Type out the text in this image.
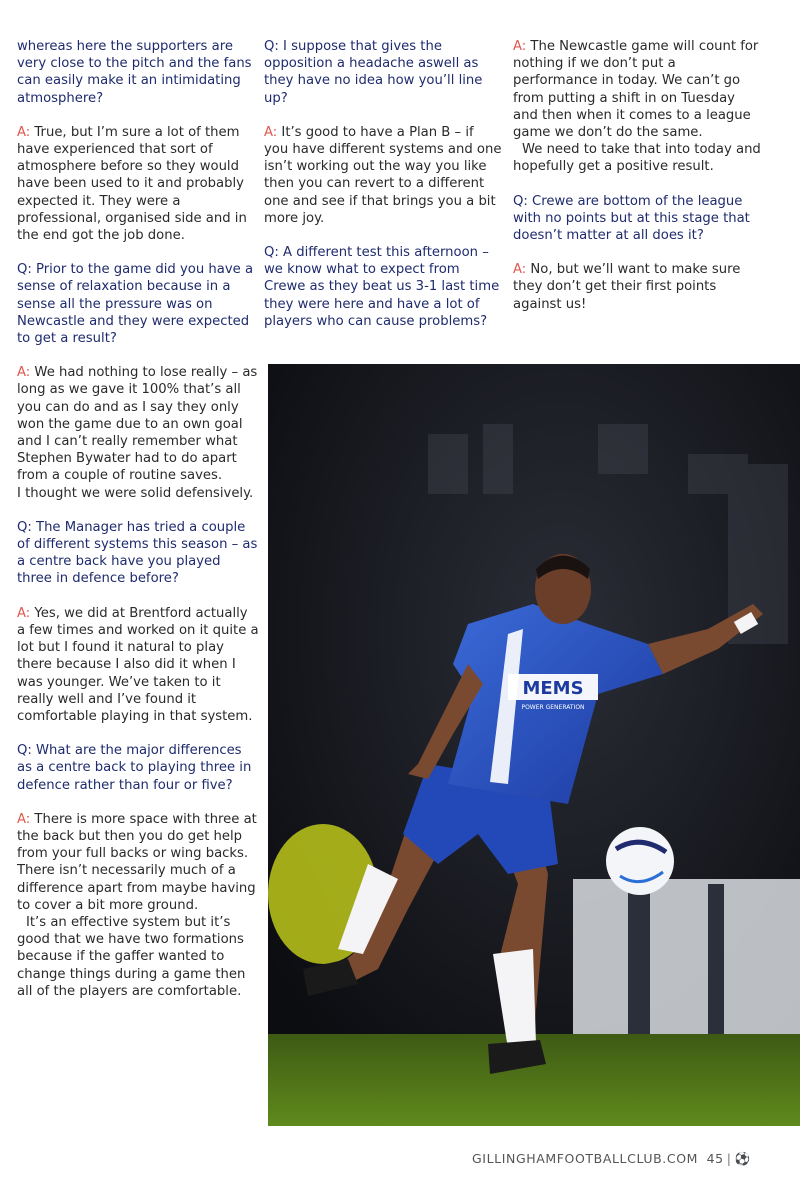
whereas here the supporters are very close to the pitch and the fans can easily make it an intimidating atmosphere?

A: True, but I’m sure a lot of them have experienced that sort of atmosphere before so they would have been used to it and probably expected it. They were a professional, organised side and in the end got the job done.

Q: Prior to the game did you have a sense of relaxation because in a sense all the pressure was on Newcastle and they were expected to get a result?

A: We had nothing to lose really – as long as we gave it 100% that’s all you can do and as I say they only won the game due to an own goal and I can’t really remember what Stephen Bywater had to do apart from a couple of routine saves.

I thought we were solid defensively.

Q: The Manager has tried a couple of different systems this season – as a centre back have you played three in defence before?

A: Yes, we did at Brentford actually a few times and worked on it quite a lot but I found it natural to play there because I also did it when I was younger. We’ve taken to it really well and I’ve found it comfortable playing in that system.

Q: What are the major differences as a centre back to playing three in defence rather than four or five?

A: There is more space with three at the back but then you do get help from your full backs or wing backs. There isn’t necessarily much of a difference apart from maybe having to cover a bit more ground.

It’s an effective system but it’s good that we have two formations because if the gaffer wanted to change things during a game then all of the players are comfortable.

Q: I suppose that gives the opposition a headache aswell as they have no idea how you’ll line up?

A: It’s good to have a Plan B – if you have different systems and one isn’t working out the way you like then you can revert to a different one and see if that brings you a bit more joy.

Q: A different test this afternoon – we know what to expect from Crewe as they beat us 3-1 last time they were here and have a lot of players who can cause problems?

A: The Newcastle game will count for nothing if we don’t put a performance in today. We can’t go from putting a shift in on Tuesday and then when it comes to a league game we don’t do the same.

We need to take that into today and hopefully get a positive result.

Q: Crewe are bottom of the league with no points but at this stage that doesn’t matter at all does it?

A: No, but we’ll want to make sure they don’t get their first points against us!

MEMS
POWER GENERATION
GILLINGHAMFOOTBALLCLUB.COM 45 | ⚽
